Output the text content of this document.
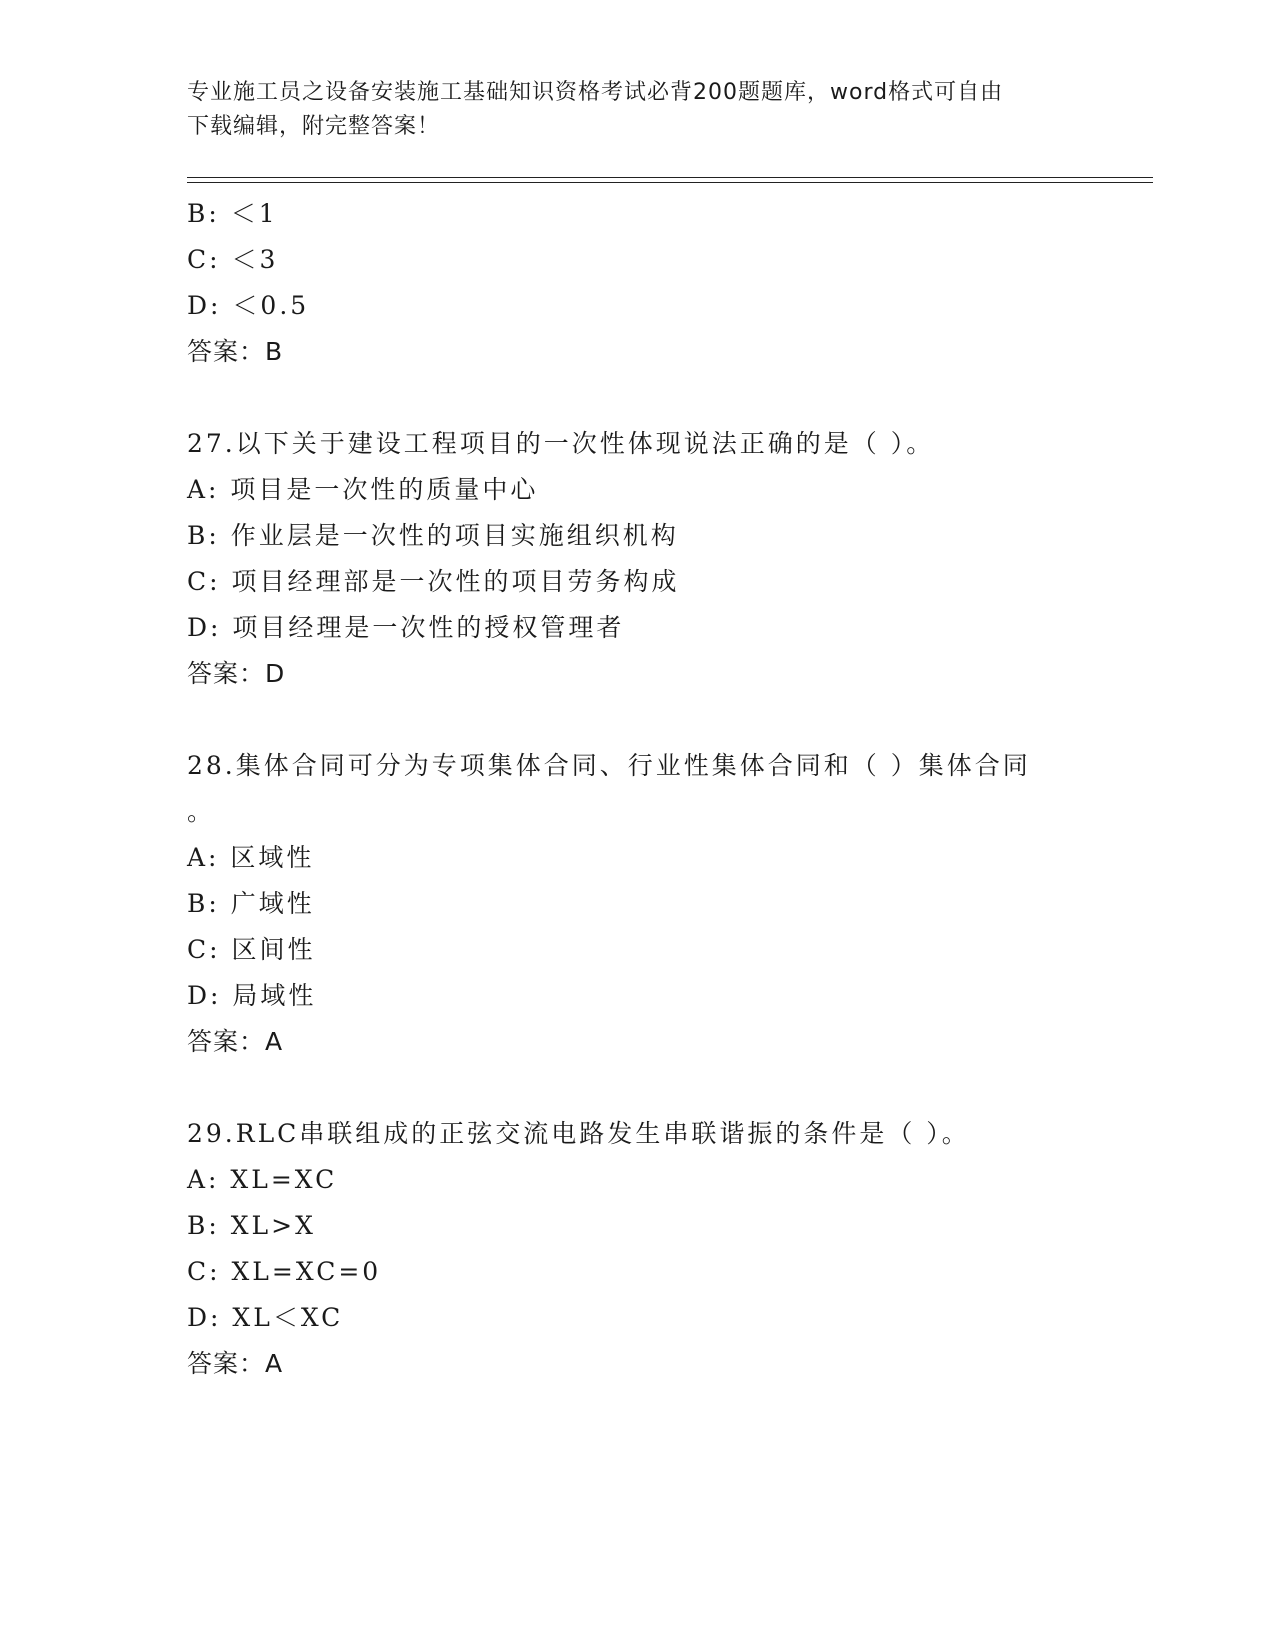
专业施工员之设备安装施工基础知识资格考试必背200题题库，word格式可自由
下载编辑，附完整答案！
B: ＜1
C: ＜3
D: ＜0.5
答案：B
27.以下关于建设工程项目的一次性体现说法正确的是（ ）。
A: 项目是一次性的质量中心
B: 作业层是一次性的项目实施组织机构
C: 项目经理部是一次性的项目劳务构成
D: 项目经理是一次性的授权管理者
答案：D
28.集体合同可分为专项集体合同、行业性集体合同和（ ）集体合同
。
A: 区域性
B: 广域性
C: 区间性
D: 局域性
答案：A
29.RLC串联组成的正弦交流电路发生串联谐振的条件是（ ）。
A: XL=XC
B: XL>X
C: XL=XC=0
D: XL＜XC
答案：A
